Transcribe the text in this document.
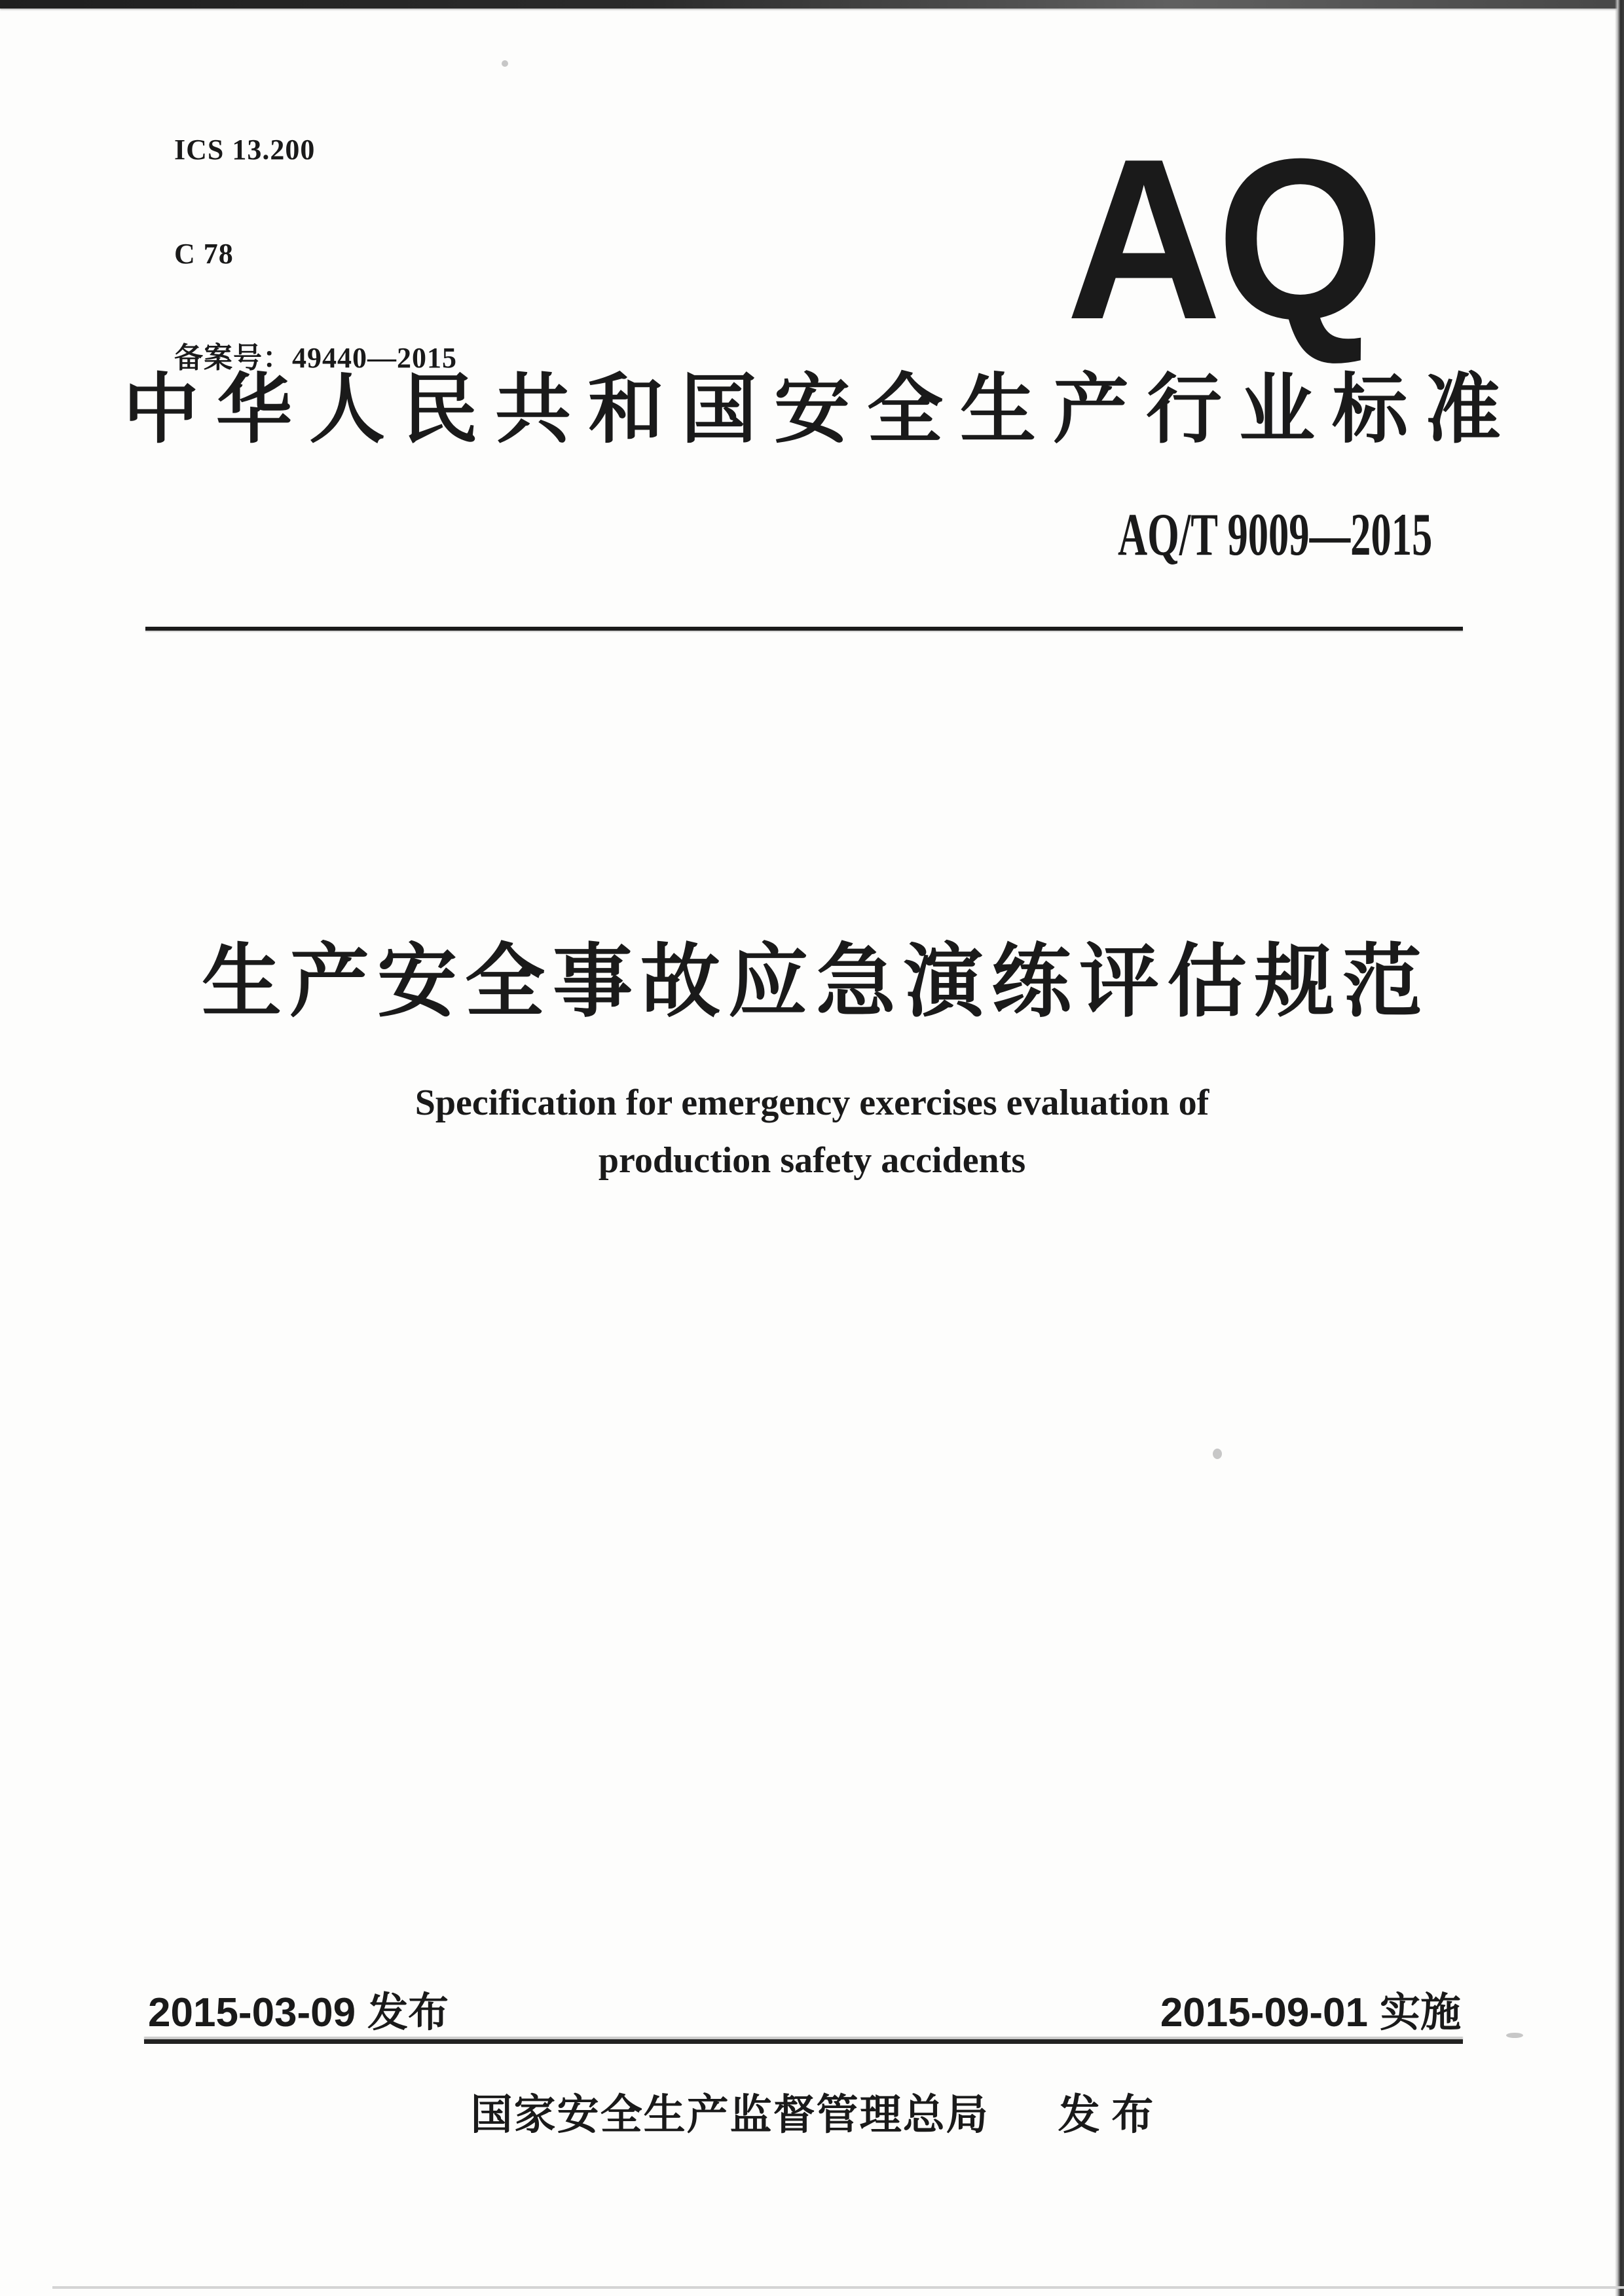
ICS 13.200

C 78

备案号：49440—2015

	AQ
中华人民共和国安全生产行业标准
AQ/T 9009—2015
生产安全事故应急演练评估规范
Specification for emergency exercises evaluation of
production safety accidents
2015-03-09 发布	2015-09-01 实施
国家安全生产监督管理总局 发 布
